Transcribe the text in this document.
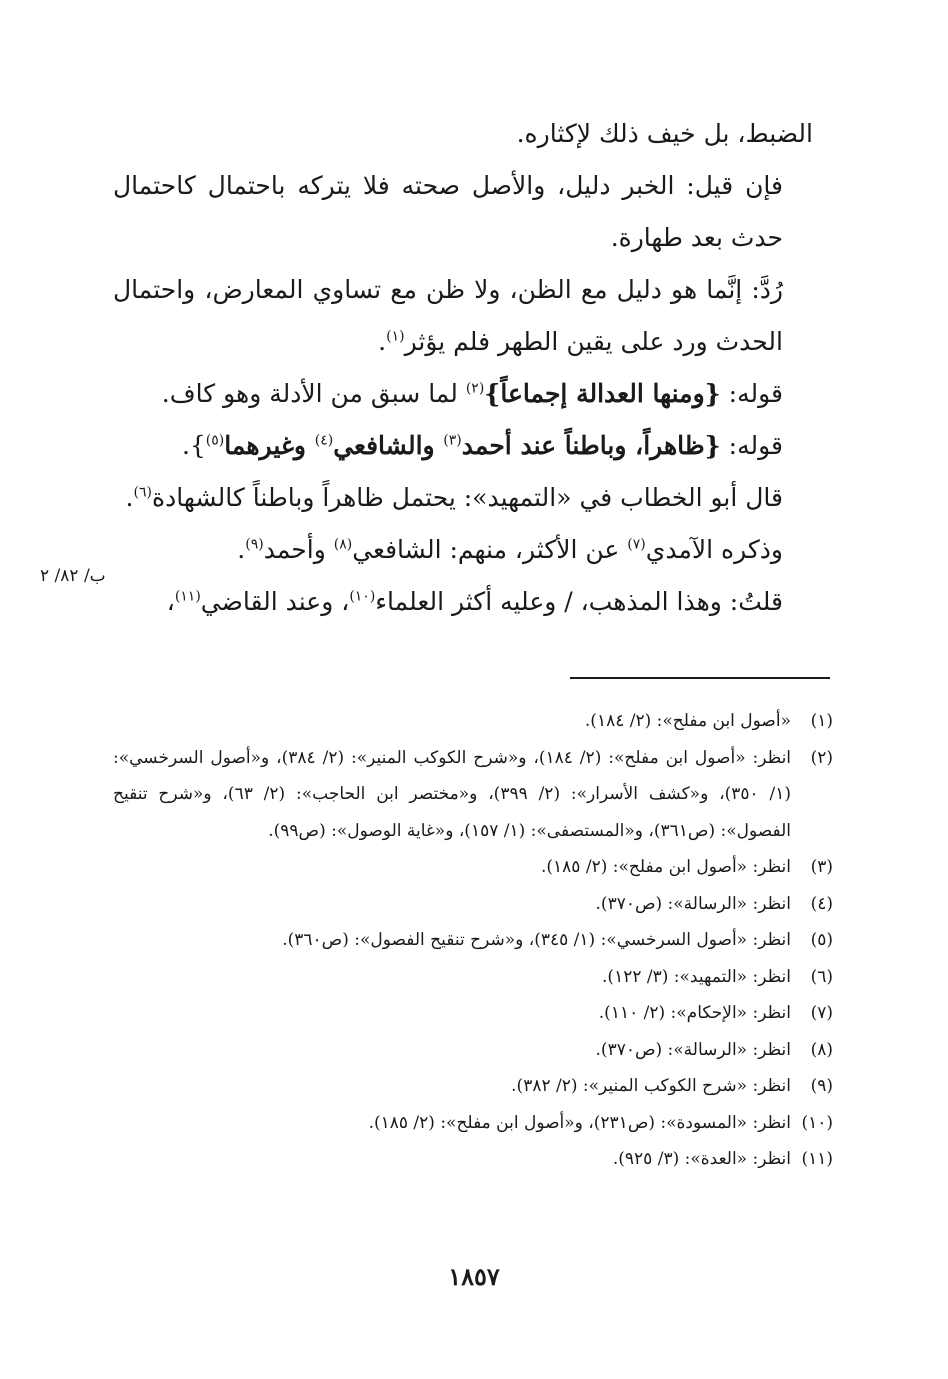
الضبط، بل خيف ذلك لإكثاره.

فإن قيل: الخبر دليل، والأصل صحته فلا يتركه باحتمال كاحتمال حدث بعد طهارة.

رُدَّ: إنَّما هو دليل مع الظن، ولا ظن مع تساوي المعارض، واحتمال الحدث ورد على يقين الطهر فلم يؤثر$^{(١)}$.

قوله: {ومنها العدالة إجماعاً}$^{(٢)}$ لما سبق من الأدلة وهو كاف.

قوله: {ظاهراً، وباطناً عند أحمد$^{(٣)}$ والشافعي$^{(٤)}$ وغيرهما$^{(٥)}$}.

قال أبو الخطاب في «التمهيد»: يحتمل ظاهراً وباطناً كالشهادة$^{(٦)}$.

وذكره الآمدي$^{(٧)}$ عن الأكثر، منهم: الشافعي$^{(٨)}$ وأحمد$^{(٩)}$.

قلتُ: وهذا المذهب، / وعليه أكثر العلماء$^{(١٠)}$، وعند القاضي$^{(١١)}$،

ب/ ٨٢/ ٢
(١)
«أصول ابن مفلح»: (٢/ ١٨٤).
(٢)
انظر: «أصول ابن مفلح»: (٢/ ١٨٤)، و«شرح الكوكب المنير»: (٢/ ٣٨٤)، و«أصول السرخسي»: (١/ ٣٥٠)، و«كشف الأسرار»: (٢/ ٣٩٩)، و«مختصر ابن الحاجب»: (٢/ ٦٣)، و«شرح تنقيح الفصول»: (ص٣٦١)، و«المستصفى»: (١/ ١٥٧)، و«غاية الوصول»: (ص٩٩).
(٣)
انظر: «أصول ابن مفلح»: (٢/ ١٨٥).
(٤)
انظر: «الرسالة»: (ص٣٧٠).
(٥)
انظر: «أصول السرخسي»: (١/ ٣٤٥)، و«شرح تنقيح الفصول»: (ص٣٦٠).
(٦)
انظر: «التمهيد»: (٣/ ١٢٢).
(٧)
انظر: «الإحكام»: (٢/ ١١٠).
(٨)
انظر: «الرسالة»: (ص٣٧٠).
(٩)
انظر: «شرح الكوكب المنير»: (٢/ ٣٨٢).
(١٠)
انظر: «المسودة»: (ص٢٣١)، و«أصول ابن مفلح»: (٢/ ١٨٥).
(١١)
انظر: «العدة»: (٣/ ٩٢٥).
١٨٥٧
